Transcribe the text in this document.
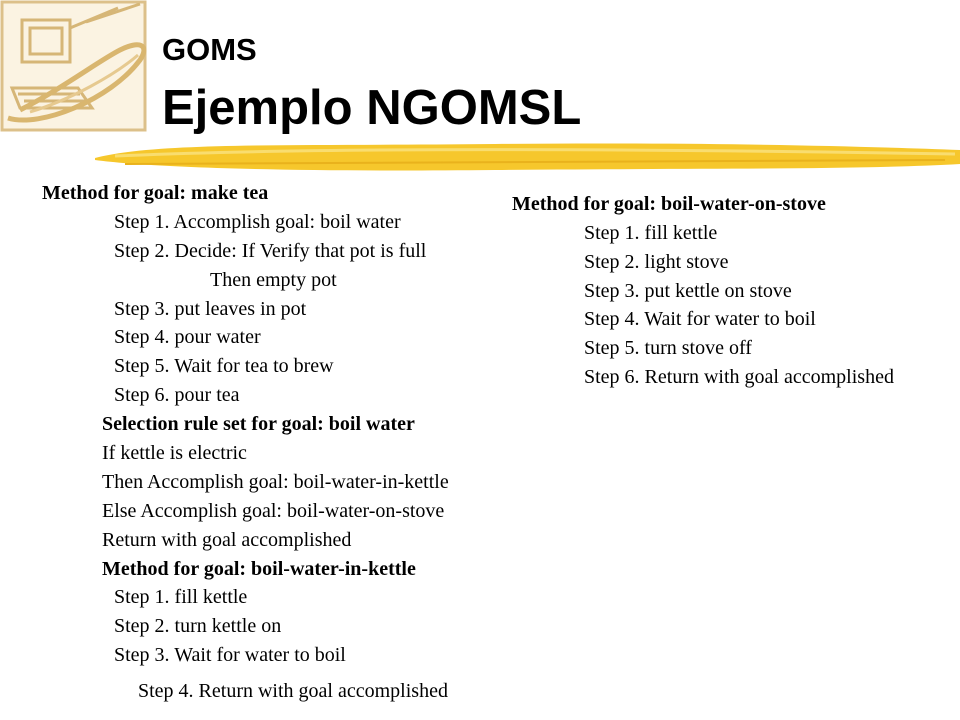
GOMS
Ejemplo NGOMSL
Method for goal: make tea
Step 1. Accomplish goal: boil water
Step 2. Decide: If Verify that pot is full
Then empty pot
Step 3. put leaves in pot
Step 4. pour water
Step 5. Wait for tea to brew
Step 6. pour tea
Selection rule set for goal: boil water
If kettle is electric
Then Accomplish goal: boil-water-in-kettle
Else Accomplish goal: boil-water-on-stove
Return with goal accomplished
Method for goal: boil-water-in-kettle
Step 1. fill kettle
Step 2. turn kettle on
Step 3. Wait for water to boil
Step 4. Return with goal accomplished
Method for goal: boil-water-on-stove
Step 1. fill kettle
Step 2. light stove
Step 3. put kettle on stove
Step 4. Wait for water to boil
Step 5. turn stove off
Step 6. Return with goal accomplished
